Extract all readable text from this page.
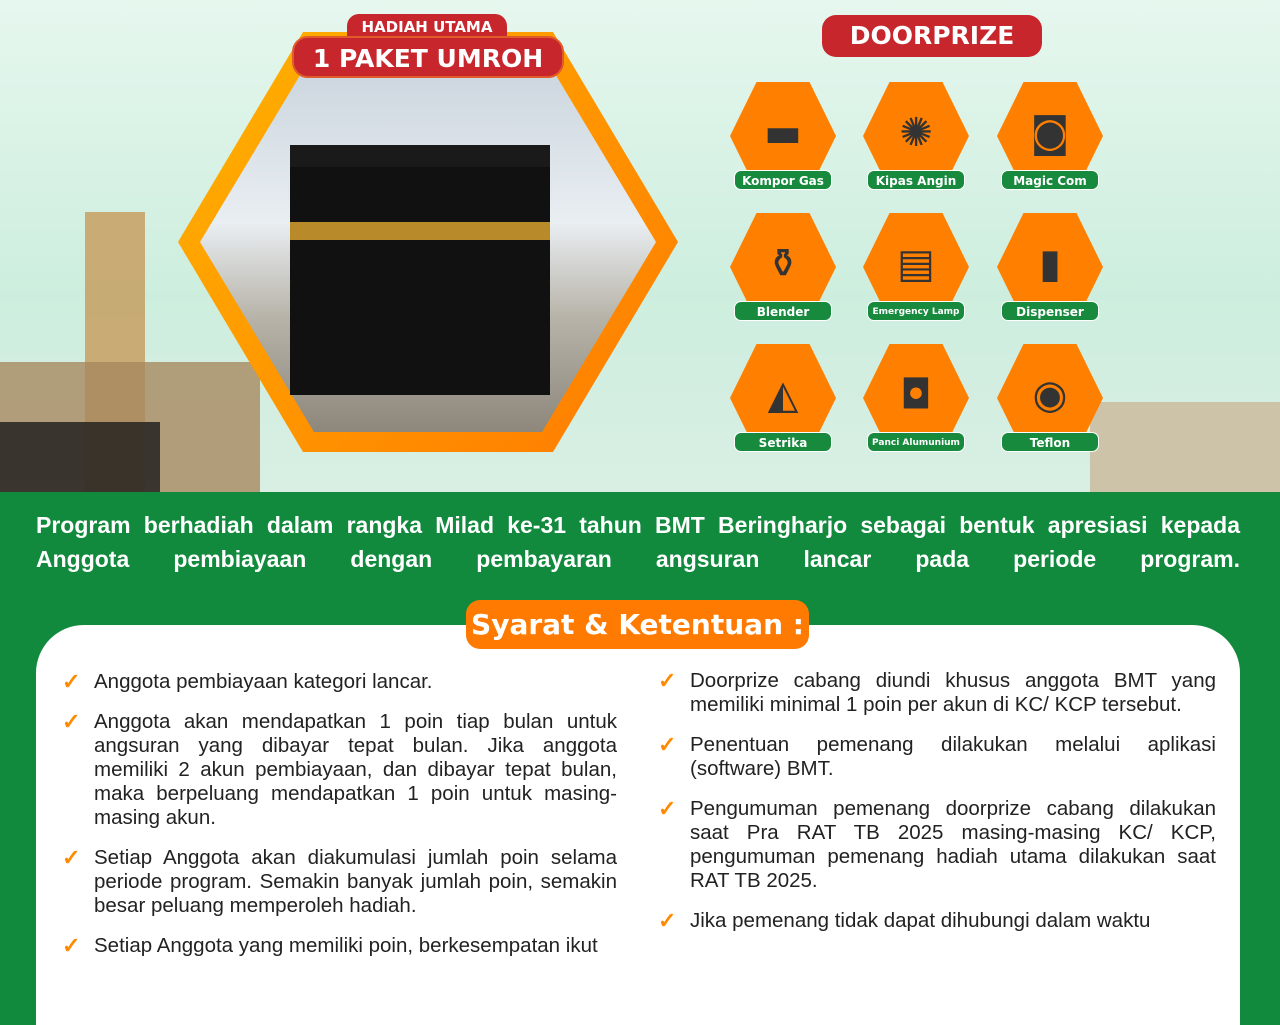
HADIAH UTAMA
1 PAKET UMROH
DOORPRIZE
▬
Kompor Gas
✺
Kipas Angin
◙
Magic Com
⚱
Blender
▤
Emergency Lamp
▮
Dispenser
◭
Setrika
◘
Panci Alumunium
◉
Teflon
Program berhadiah dalam rangka Milad ke-31 tahun BMT Beringharjo sebagai bentuk apresiasi kepada Anggota pembiayaan dengan pembayaran angsuran lancar pada periode program.
Syarat & Ketentuan :
✓ Anggota pembiayaan kategori lancar.
✓ Anggota akan mendapatkan 1 poin tiap bulan untuk angsuran yang dibayar tepat bulan. Jika anggota memiliki 2 akun pembiayaan, dan dibayar tepat bulan, maka berpeluang mendapatkan 1 poin untuk masing-masing akun.
✓ Setiap Anggota akan diakumulasi jumlah poin selama periode program. Semakin banyak jumlah poin, semakin besar peluang memperoleh hadiah.
✓ Setiap Anggota yang memiliki poin, berkesempatan ikut
✓ Doorprize cabang diundi khusus anggota BMT yang memiliki minimal 1 poin per akun di KC/ KCP tersebut.
✓ Penentuan pemenang dilakukan melalui aplikasi (software) BMT.
✓ Pengumuman pemenang doorprize cabang dilakukan saat Pra RAT TB 2025 masing-masing KC/ KCP, pengumuman pemenang hadiah utama dilakukan saat RAT TB 2025.
✓ Jika pemenang tidak dapat dihubungi dalam waktu
